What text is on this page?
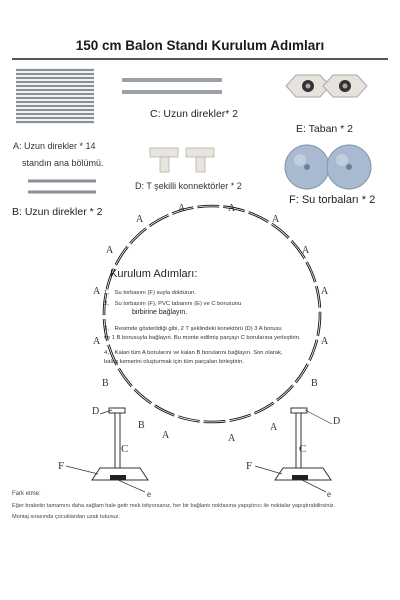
150 cm Balon Standı Kurulum Adımları
A: Uzun direkler * 14
standın ana bölümü.
B: Uzun direkler * 2
C: Uzun direkler* 2
D: T şekilli konnektörler * 2
E: Taban * 2
F: Su torbaları * 2
A	A
A	A
A	A
A	A
A	A
B	B
B
A	A
A
D
D
C	C
F	F
e	e
Kurulum Adımları:
1、 Su torbasını (F) suyla doldurun.
2、 Su torbasını (F), PVC tabanını (E) ve C borusunu
birbirine bağlayın.
3、 Resimde gösterildiği gibi, 2 T şeklindeki konektörü (D) 3 A borusu
ve 1 B borusuyla bağlayın. Bu monte edilmiş parçayı C borularına yerleştirin.
4、 Kalan tüm A borularını ve kalan B borularını bağlayın. Son olarak,
balon kemerini oluşturmak için tüm parçaları birleştirin.
Fark etme:
Eğer braketin tamamını daha sağlam hale getir mek istiyorsanız, her bir bağlantı noktasına yapıştırıcı ile noktalar yapıştırabilirsiniz.
Montaj sırasında çocuklardan uzak tutunuz.
